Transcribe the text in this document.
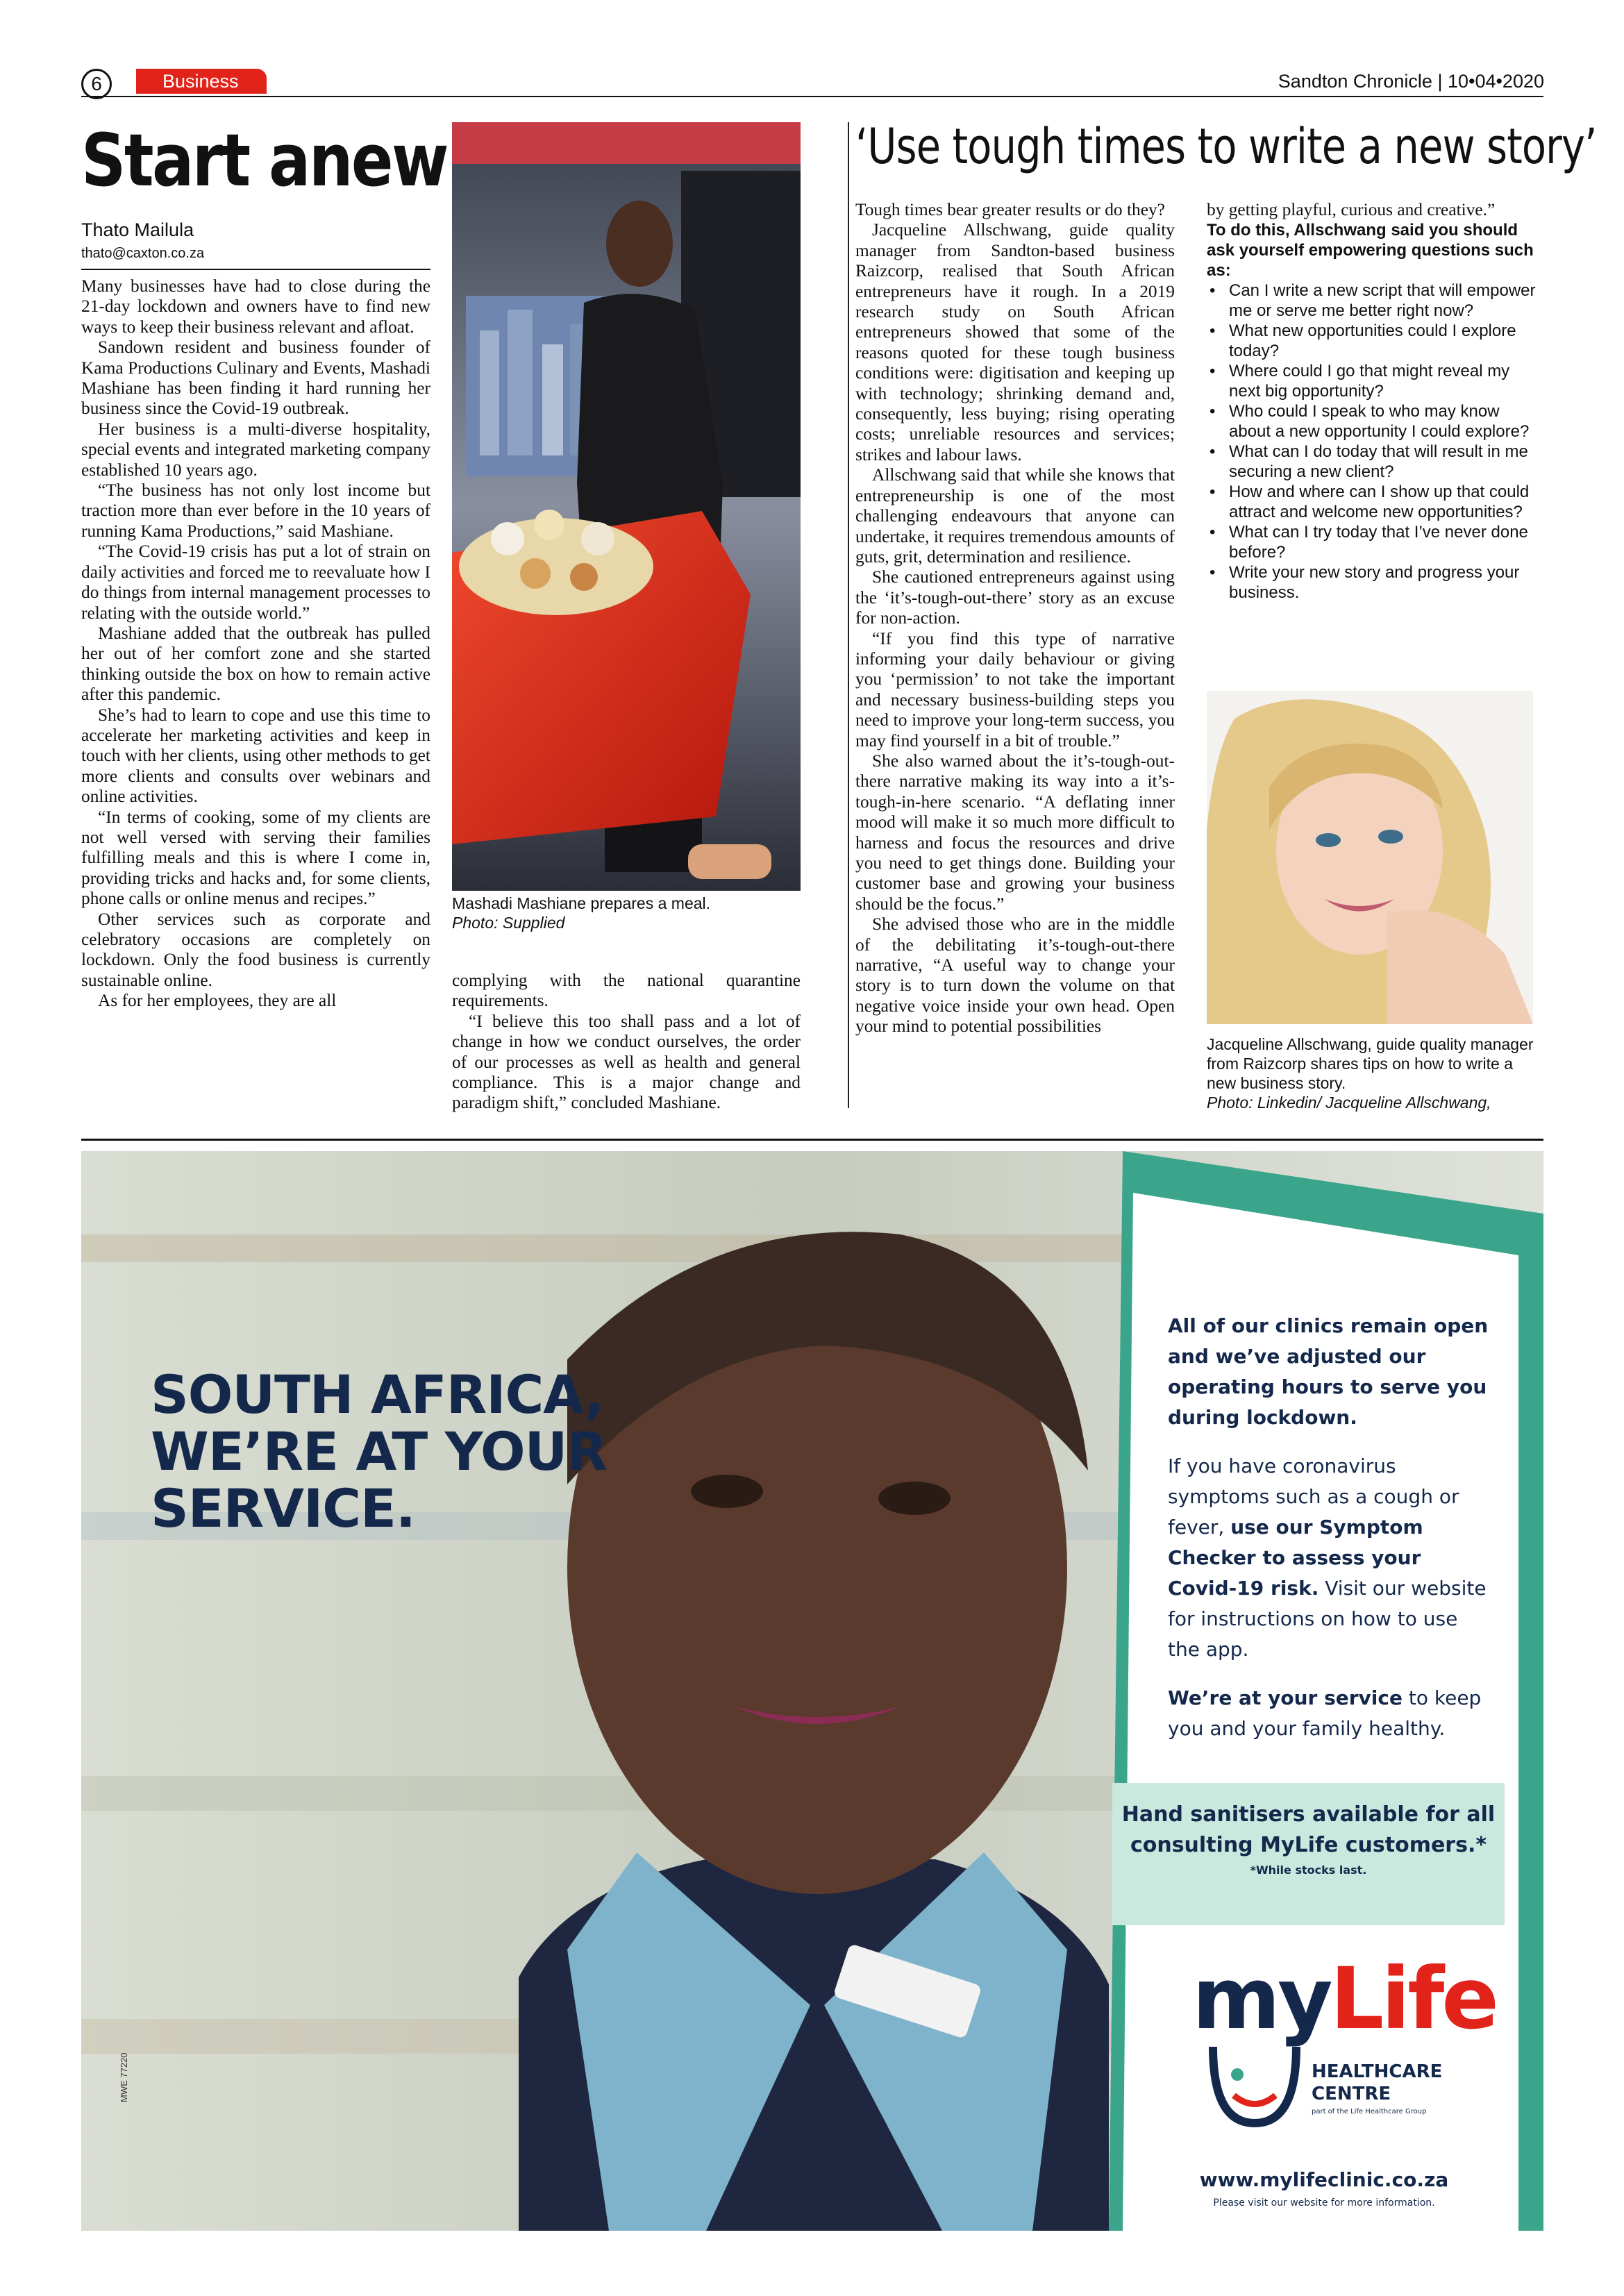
6	Business	Sandton Chronicle | 10•04•2020
Start anew
Thato Mailula
thato@caxton.co.za

Many businesses have had to close during the 21-day lockdown and owners have to find new ways to keep their business relevant and afloat.

Sandown resident and business founder of Kama Productions Culinary and Events, Mashadi Mashiane has been finding it hard running her business since the Covid-19 outbreak.

Her business is a multi-diverse hospitality, special events and integrated marketing company established 10 years ago.

“The business has not only lost income but traction more than ever before in the 10 years of running Kama Productions,” said Mashiane.

“The Covid-19 crisis has put a lot of strain on daily activities and forced me to reevaluate how I do things from internal management processes to relating with the outside world.”

Mashiane added that the outbreak has pulled her out of her comfort zone and she started thinking outside the box on how to remain active after this pandemic.

She’s had to learn to cope and use this time to accelerate her marketing activities and keep in touch with her clients, using other methods to get more clients and consults over webinars and online activities.

“In terms of cooking, some of my clients are not well versed with serving their families fulfilling meals and this is where I come in, providing tricks and hacks and, for some clients, phone calls or online menus and recipes.”

Other services such as corporate and celebratory occasions are completely on lockdown. Only the food business is currently sustainable online.

As for her employees, they are all

Mashadi Mashiane prepares a meal.
Photo: Supplied

complying with the national quarantine requirements.

“I believe this too shall pass and a lot of change in how we conduct ourselves, the order of our processes as well as health and general compliance. This is a major change and paradigm shift,” concluded Mashiane.

‘Use tough times to write a new story’

Tough times bear greater results or do they?

Jacqueline Allschwang, guide quality manager from Sandton-based business Raizcorp, realised that South African entrepreneurs have it rough. In a 2019 research study on South African entrepreneurs showed that some of the reasons quoted for these tough business conditions were: digitisation and keeping up with technology; shrinking demand and, consequently, less buying; rising operating costs; unreliable resources and services; strikes and labour laws.

Allschwang said that while she knows that entrepreneurship is one of the most challenging endeavours that anyone can undertake, it requires tremendous amounts of guts, grit, determination and resilience.

She cautioned entrepreneurs against using the ‘it’s-tough-out-there’ story as an excuse for non-action.

“If you find this type of narrative informing your daily behaviour or giving you ‘permission’ to not take the important and necessary business-building steps you need to improve your long-term success, you may find yourself in a bit of trouble.”

She also warned about the it’s-tough-out-there narrative making its way into a it’s-tough-in-here scenario. “A deflating inner mood will make it so much more difficult to harness and focus the resources and drive you need to get things done. Building your customer base and growing your business should be the focus.”

She advised those who are in the middle of the debilitating it’s-tough-out-there narrative, “A useful way to change your story is to turn down the volume on that negative voice inside your own head. Open your mind to potential possibilities

by getting playful, curious and creative.”
To do this, Allschwang said you should ask yourself empowering questions such as:
• Can I write a new script that will empower me or serve me better right now?
• What new opportunities could I explore today?
• Where could I go that might reveal my next big opportunity?
• Who could I speak to who may know about a new opportunity I could explore?
• What can I do today that will result in me securing a new client?
• How and where can I show up that could attract and welcome new opportunities?
• What can I try today that I’ve never done before?
• Write your new story and progress your business.
Jacqueline Allschwang, guide quality manager from Raizcorp shares tips on how to write a new business story.
Photo: Linkedin/ Jacqueline Allschwang,
SOUTH AFRICA,
WE’RE AT YOUR
SERVICE.

All of our clinics remain open and we’ve adjusted our operating hours to serve you during lockdown.

If you have coronavirus symptoms such as a cough or fever, use our Symptom Checker to assess your Covid-19 risk. Visit our website for instructions on how to use the app.

We’re at your service to keep you and your family healthy.

Hand sanitisers available for all consulting MyLife customers.*
*While stocks last.
myLife
HEALTHCARE
CENTRE
part of the Life Healthcare Group
www.mylifeclinic.co.za
Please visit our website for more information.
MWE 77220
